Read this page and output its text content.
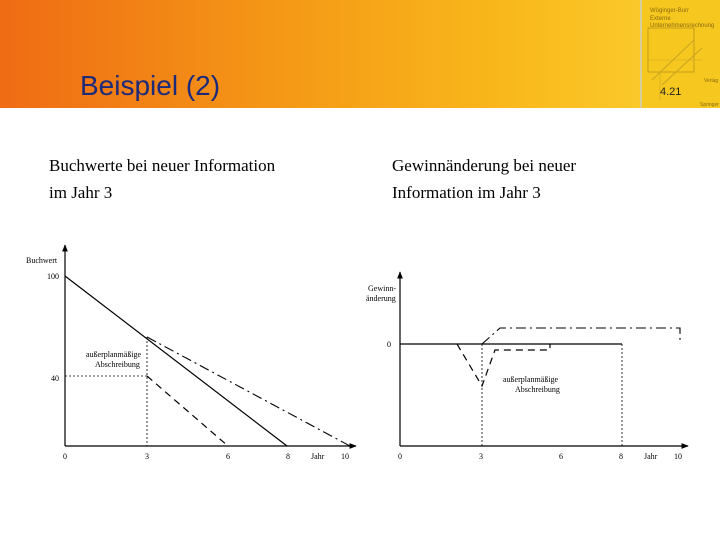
Beispiel (2)
Wöginger-Burr
Externe
Unternehmensrechnung
Verlag
Springer
4.21
Buchwerte bei neuer Information
im Jahr 3
Gewinnänderung bei neuer
Information im Jahr 3
Buchwert
100
40
außerplanmäßige
Abschreibung
0	3	6	8	Jahr 10
Gewinn-
änderung
0
außerplanmäßige
Abschreibung
0	3	6	8	Jahr 10
